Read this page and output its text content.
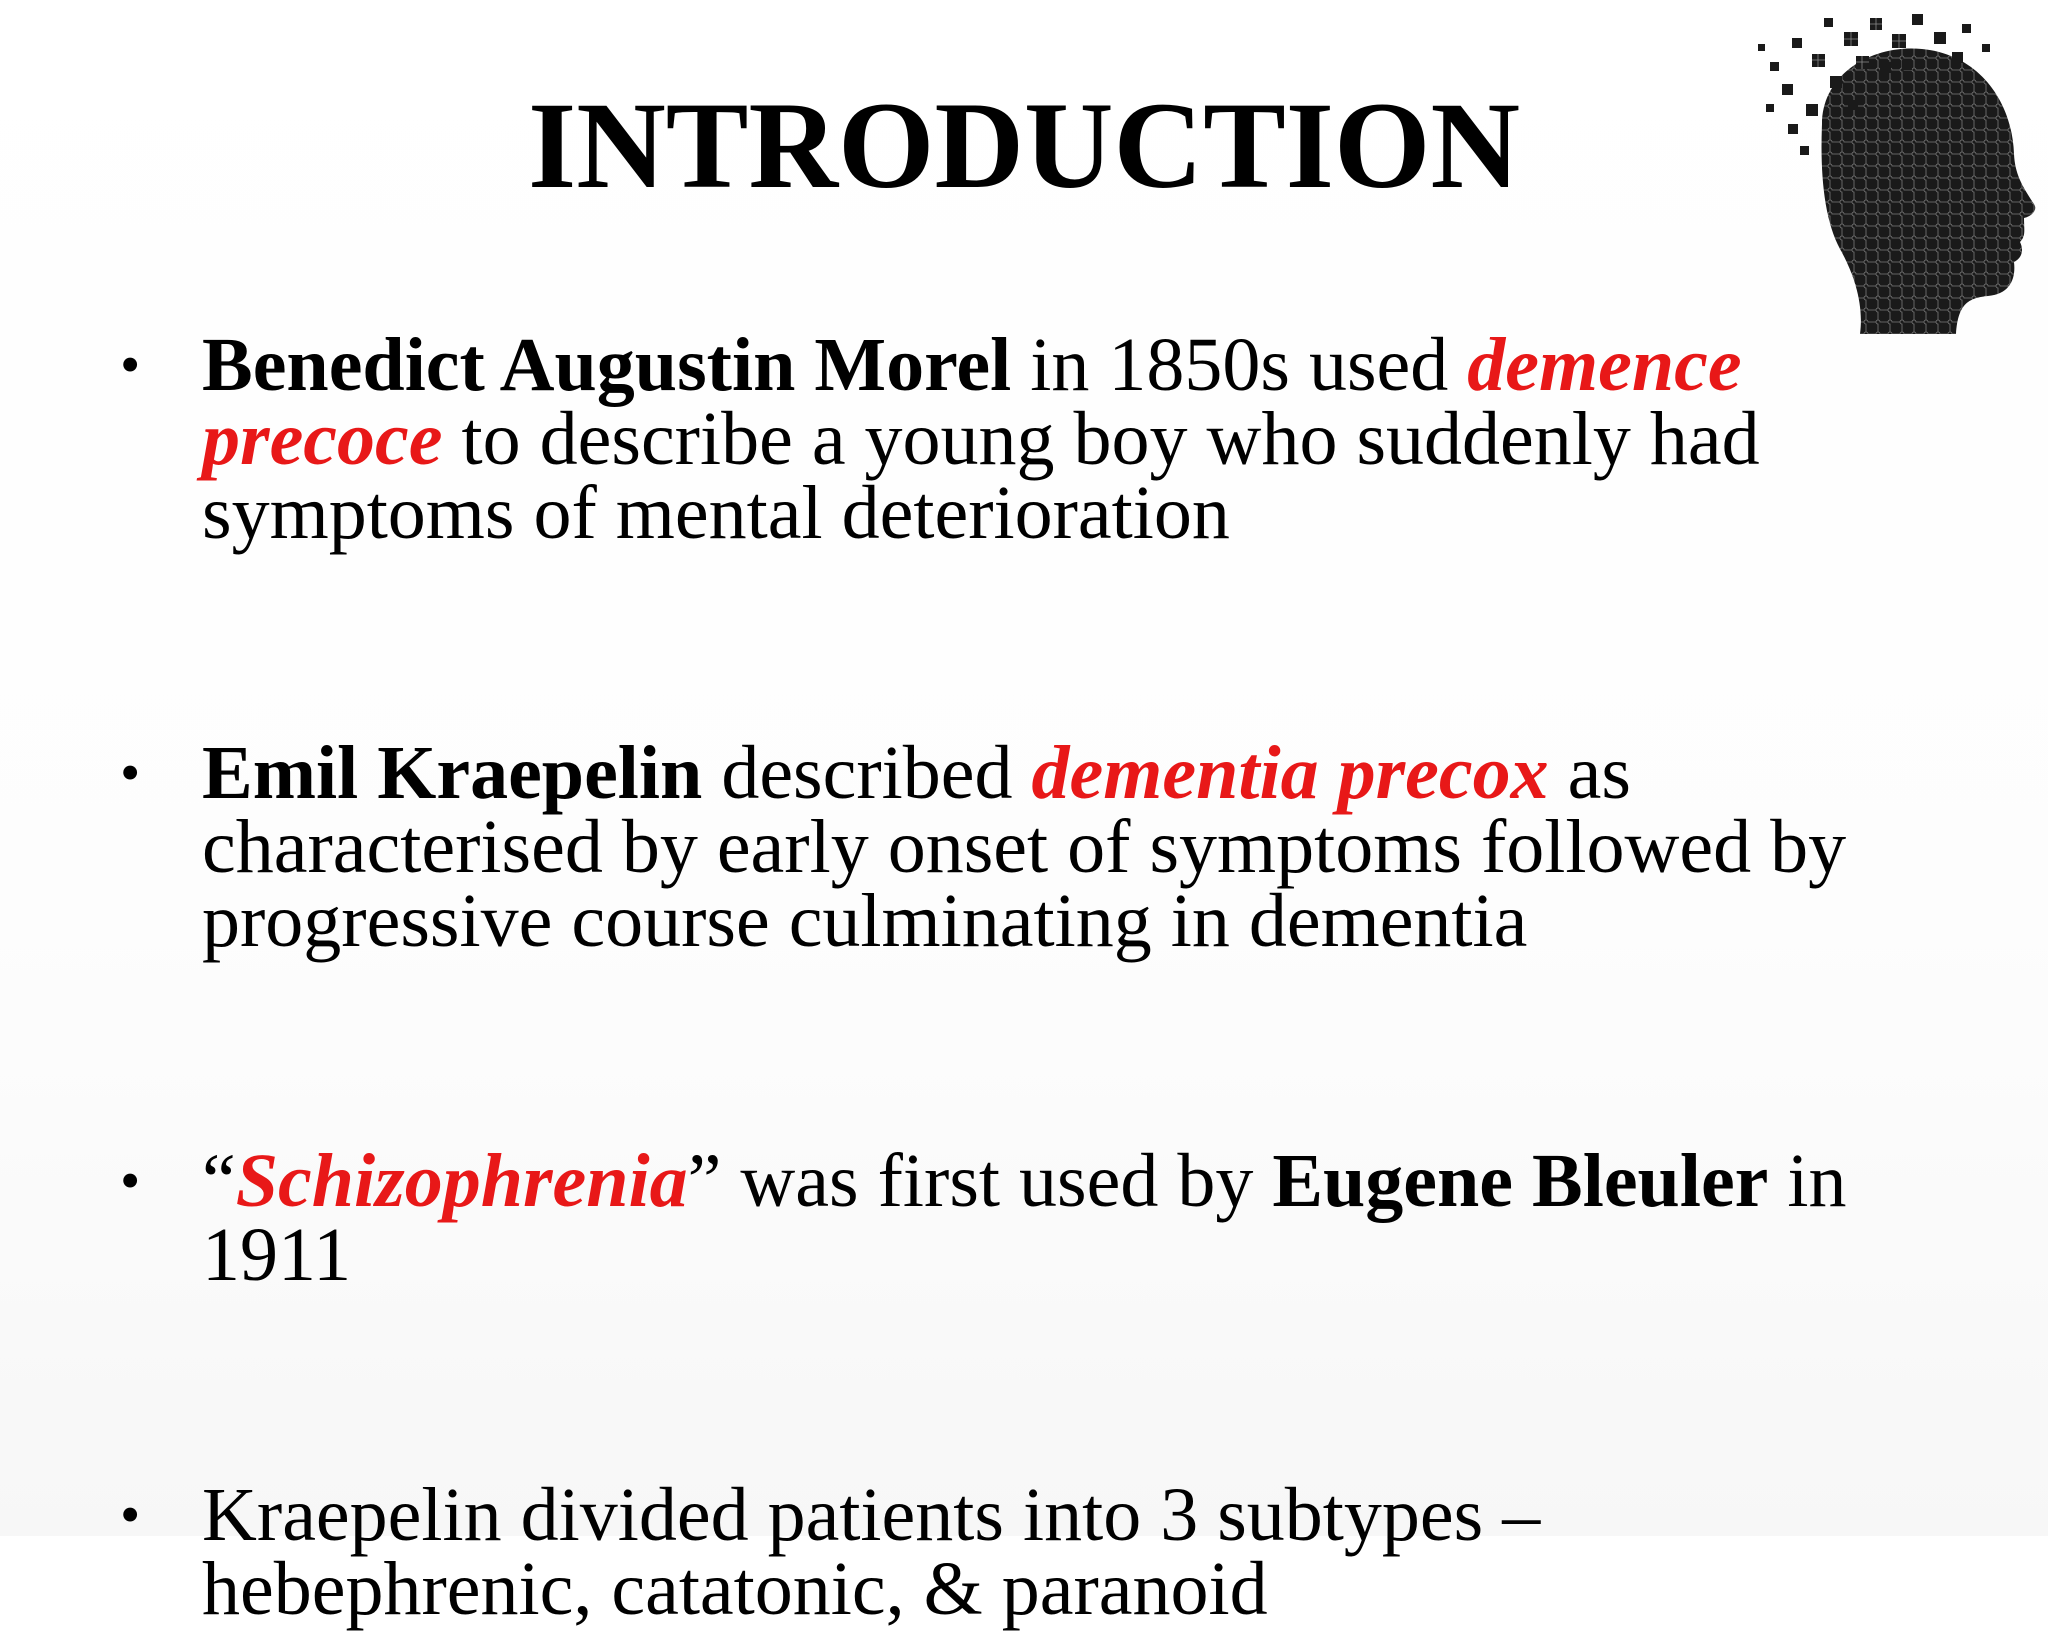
INTRODUCTION
• Benedict Augustin Morel in 1850s used demence precoce to describe a young boy who suddenly had symptoms of mental deterioration
• Emil Kraepelin described dementia precox as characterised by early onset of symptoms followed by progressive course culminating in dementia
• “Schizophrenia” was first used by Eugene Bleuler in 1911
• Kraepelin divided patients into 3 subtypes – hebephrenic, catatonic, & paranoid
